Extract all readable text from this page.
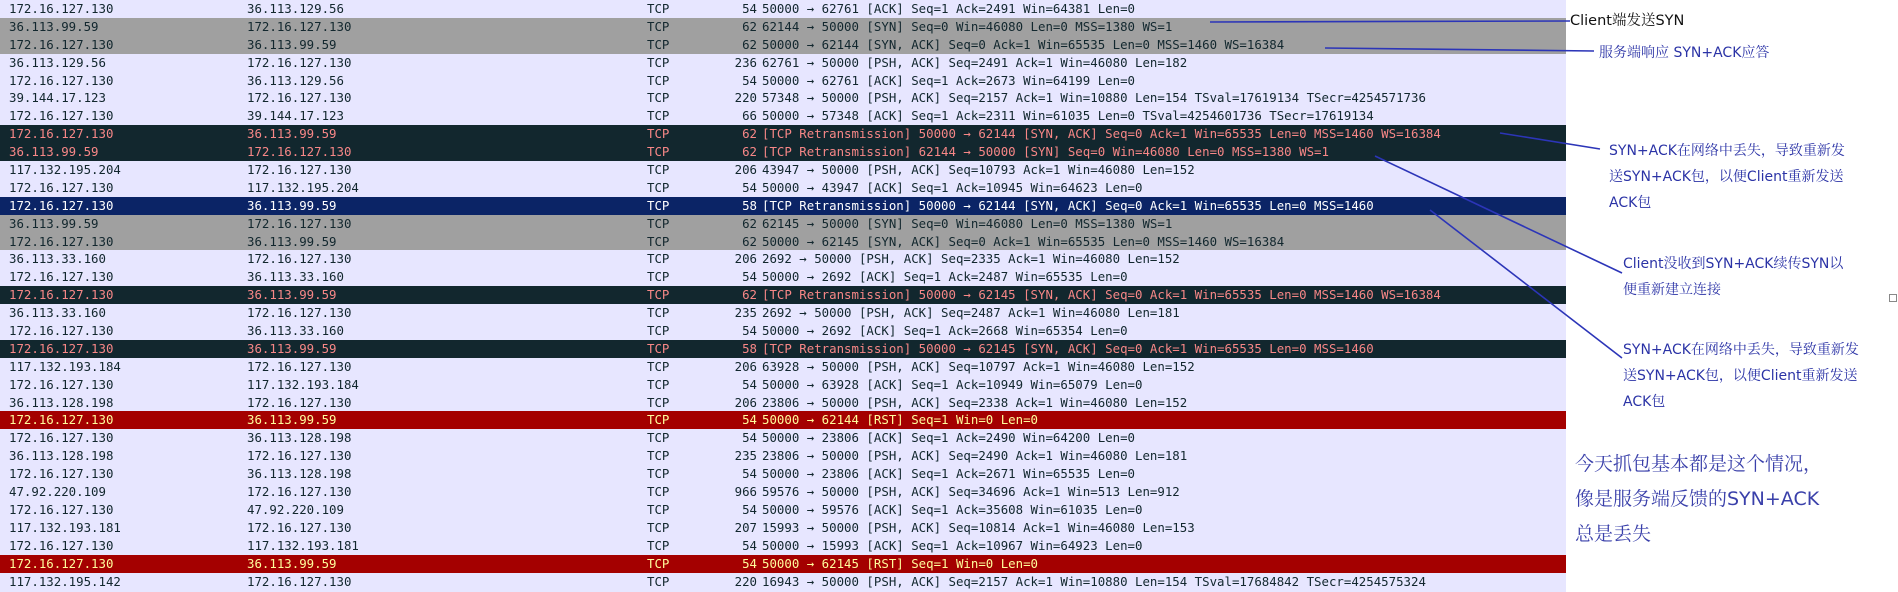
172.16.127.130	36.113.129.56	TCP	54 50000 → 62761 [ACK] Seq=1 Ack=2491 Win=64381 Len=0
36.113.99.59	172.16.127.130	TCP	62 62144 → 50000 [SYN] Seq=0 Win=46080 Len=0 MSS=1380 WS=1
172.16.127.130	36.113.99.59	TCP	62 50000 → 62144 [SYN, ACK] Seq=0 Ack=1 Win=65535 Len=0 MSS=1460 WS=16384
36.113.129.56	172.16.127.130	TCP	236 62761 → 50000 [PSH, ACK] Seq=2491 Ack=1 Win=46080 Len=182
172.16.127.130	36.113.129.56	TCP	54 50000 → 62761 [ACK] Seq=1 Ack=2673 Win=64199 Len=0
39.144.17.123	172.16.127.130	TCP	220 57348 → 50000 [PSH, ACK] Seq=2157 Ack=1 Win=10880 Len=154 TSval=17619134 TSecr=4254571736
172.16.127.130	39.144.17.123	TCP	66 50000 → 57348 [ACK] Seq=1 Ack=2311 Win=61035 Len=0 TSval=4254601736 TSecr=17619134
172.16.127.130	36.113.99.59	TCP	62 [TCP Retransmission] 50000 → 62144 [SYN, ACK] Seq=0 Ack=1 Win=65535 Len=0 MSS=1460 WS=16384
36.113.99.59	172.16.127.130	TCP	62 [TCP Retransmission] 62144 → 50000 [SYN] Seq=0 Win=46080 Len=0 MSS=1380 WS=1
117.132.195.204	172.16.127.130	TCP	206 43947 → 50000 [PSH, ACK] Seq=10793 Ack=1 Win=46080 Len=152
172.16.127.130	117.132.195.204	TCP	54 50000 → 43947 [ACK] Seq=1 Ack=10945 Win=64623 Len=0
172.16.127.130	36.113.99.59	TCP	58 [TCP Retransmission] 50000 → 62144 [SYN, ACK] Seq=0 Ack=1 Win=65535 Len=0 MSS=1460
36.113.99.59	172.16.127.130	TCP	62 62145 → 50000 [SYN] Seq=0 Win=46080 Len=0 MSS=1380 WS=1
172.16.127.130	36.113.99.59	TCP	62 50000 → 62145 [SYN, ACK] Seq=0 Ack=1 Win=65535 Len=0 MSS=1460 WS=16384
36.113.33.160	172.16.127.130	TCP	206 2692 → 50000 [PSH, ACK] Seq=2335 Ack=1 Win=46080 Len=152
172.16.127.130	36.113.33.160	TCP	54 50000 → 2692 [ACK] Seq=1 Ack=2487 Win=65535 Len=0
172.16.127.130	36.113.99.59	TCP	62 [TCP Retransmission] 50000 → 62145 [SYN, ACK] Seq=0 Ack=1 Win=65535 Len=0 MSS=1460 WS=16384
36.113.33.160	172.16.127.130	TCP	235 2692 → 50000 [PSH, ACK] Seq=2487 Ack=1 Win=46080 Len=181
172.16.127.130	36.113.33.160	TCP	54 50000 → 2692 [ACK] Seq=1 Ack=2668 Win=65354 Len=0
172.16.127.130	36.113.99.59	TCP	58 [TCP Retransmission] 50000 → 62145 [SYN, ACK] Seq=0 Ack=1 Win=65535 Len=0 MSS=1460
117.132.193.184	172.16.127.130	TCP	206 63928 → 50000 [PSH, ACK] Seq=10797 Ack=1 Win=46080 Len=152
172.16.127.130	117.132.193.184	TCP	54 50000 → 63928 [ACK] Seq=1 Ack=10949 Win=65079 Len=0
36.113.128.198	172.16.127.130	TCP	206 23806 → 50000 [PSH, ACK] Seq=2338 Ack=1 Win=46080 Len=152
172.16.127.130	36.113.99.59	TCP	54 50000 → 62144 [RST] Seq=1 Win=0 Len=0
172.16.127.130	36.113.128.198	TCP	54 50000 → 23806 [ACK] Seq=1 Ack=2490 Win=64200 Len=0
36.113.128.198	172.16.127.130	TCP	235 23806 → 50000 [PSH, ACK] Seq=2490 Ack=1 Win=46080 Len=181
172.16.127.130	36.113.128.198	TCP	54 50000 → 23806 [ACK] Seq=1 Ack=2671 Win=65535 Len=0
47.92.220.109	172.16.127.130	TCP	966 59576 → 50000 [PSH, ACK] Seq=34696 Ack=1 Win=513 Len=912
172.16.127.130	47.92.220.109	TCP	54 50000 → 59576 [ACK] Seq=1 Ack=35608 Win=61035 Len=0
117.132.193.181	172.16.127.130	TCP	207 15993 → 50000 [PSH, ACK] Seq=10814 Ack=1 Win=46080 Len=153
172.16.127.130	117.132.193.181	TCP	54 50000 → 15993 [ACK] Seq=1 Ack=10967 Win=64923 Len=0
172.16.127.130	36.113.99.59	TCP	54 50000 → 62145 [RST] Seq=1 Win=0 Len=0
117.132.195.142	172.16.127.130	TCP	220 16943 → 50000 [PSH, ACK] Seq=2157 Ack=1 Win=10880 Len=154 TSval=17684842 TSecr=4254575324
Client端发送SYN
服务端响应 SYN+ACK应答
SYN+ACK在网络中丢失，导致重新发
送SYN+ACK包，以便Client重新发送
ACK包
Client没收到SYN+ACK续传SYN以
便重新建立连接
SYN+ACK在网络中丢失，导致重新发
送SYN+ACK包，以便Client重新发送
ACK包
今天抓包基本都是这个情况，
像是服务端反馈的SYN+ACK
总是丢失
